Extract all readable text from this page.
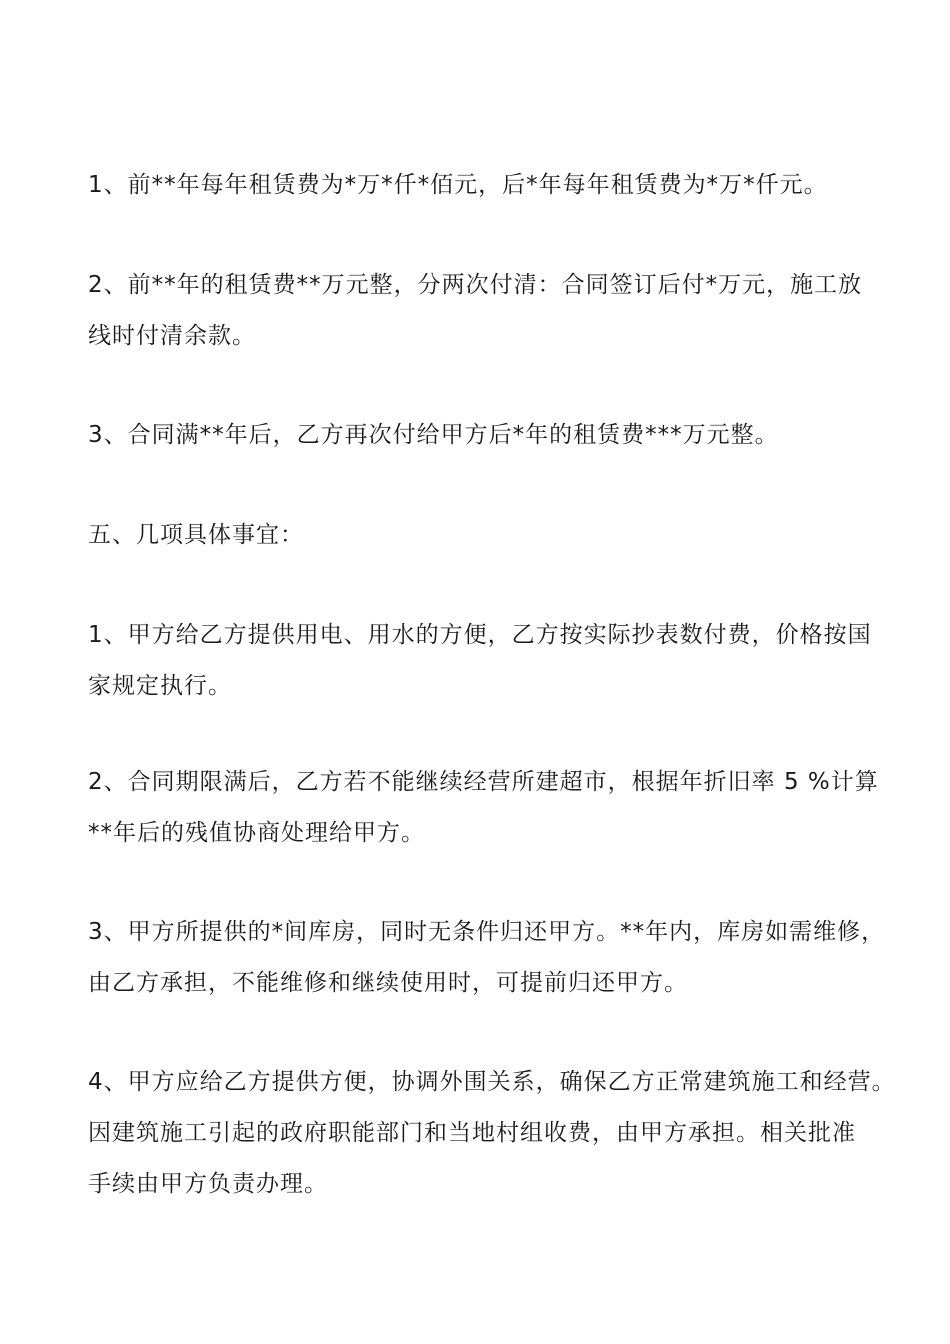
1、前**年每年租赁费为*万*仟*佰元，后*年每年租赁费为*万*仟元。

2、前**年的租赁费**万元整，分两次付清：合同签订后付*万元，施工放
线时付清余款。

3、合同满**年后，乙方再次付给甲方后*年的租赁费***万元整。

五、几项具体事宜：

1、甲方给乙方提供用电、用水的方便，乙方按实际抄表数付费，价格按国
家规定执行。

2、合同期限满后，乙方若不能继续经营所建超市，根据年折旧率 5 %计算
**年后的残值协商处理给甲方。

3、甲方所提供的*间库房，同时无条件归还甲方。**年内，库房如需维修，
由乙方承担，不能维修和继续使用时，可提前归还甲方。

4、甲方应给乙方提供方便，协调外围关系，确保乙方正常建筑施工和经营。
因建筑施工引起的政府职能部门和当地村组收费，由甲方承担。相关批准
手续由甲方负责办理。
